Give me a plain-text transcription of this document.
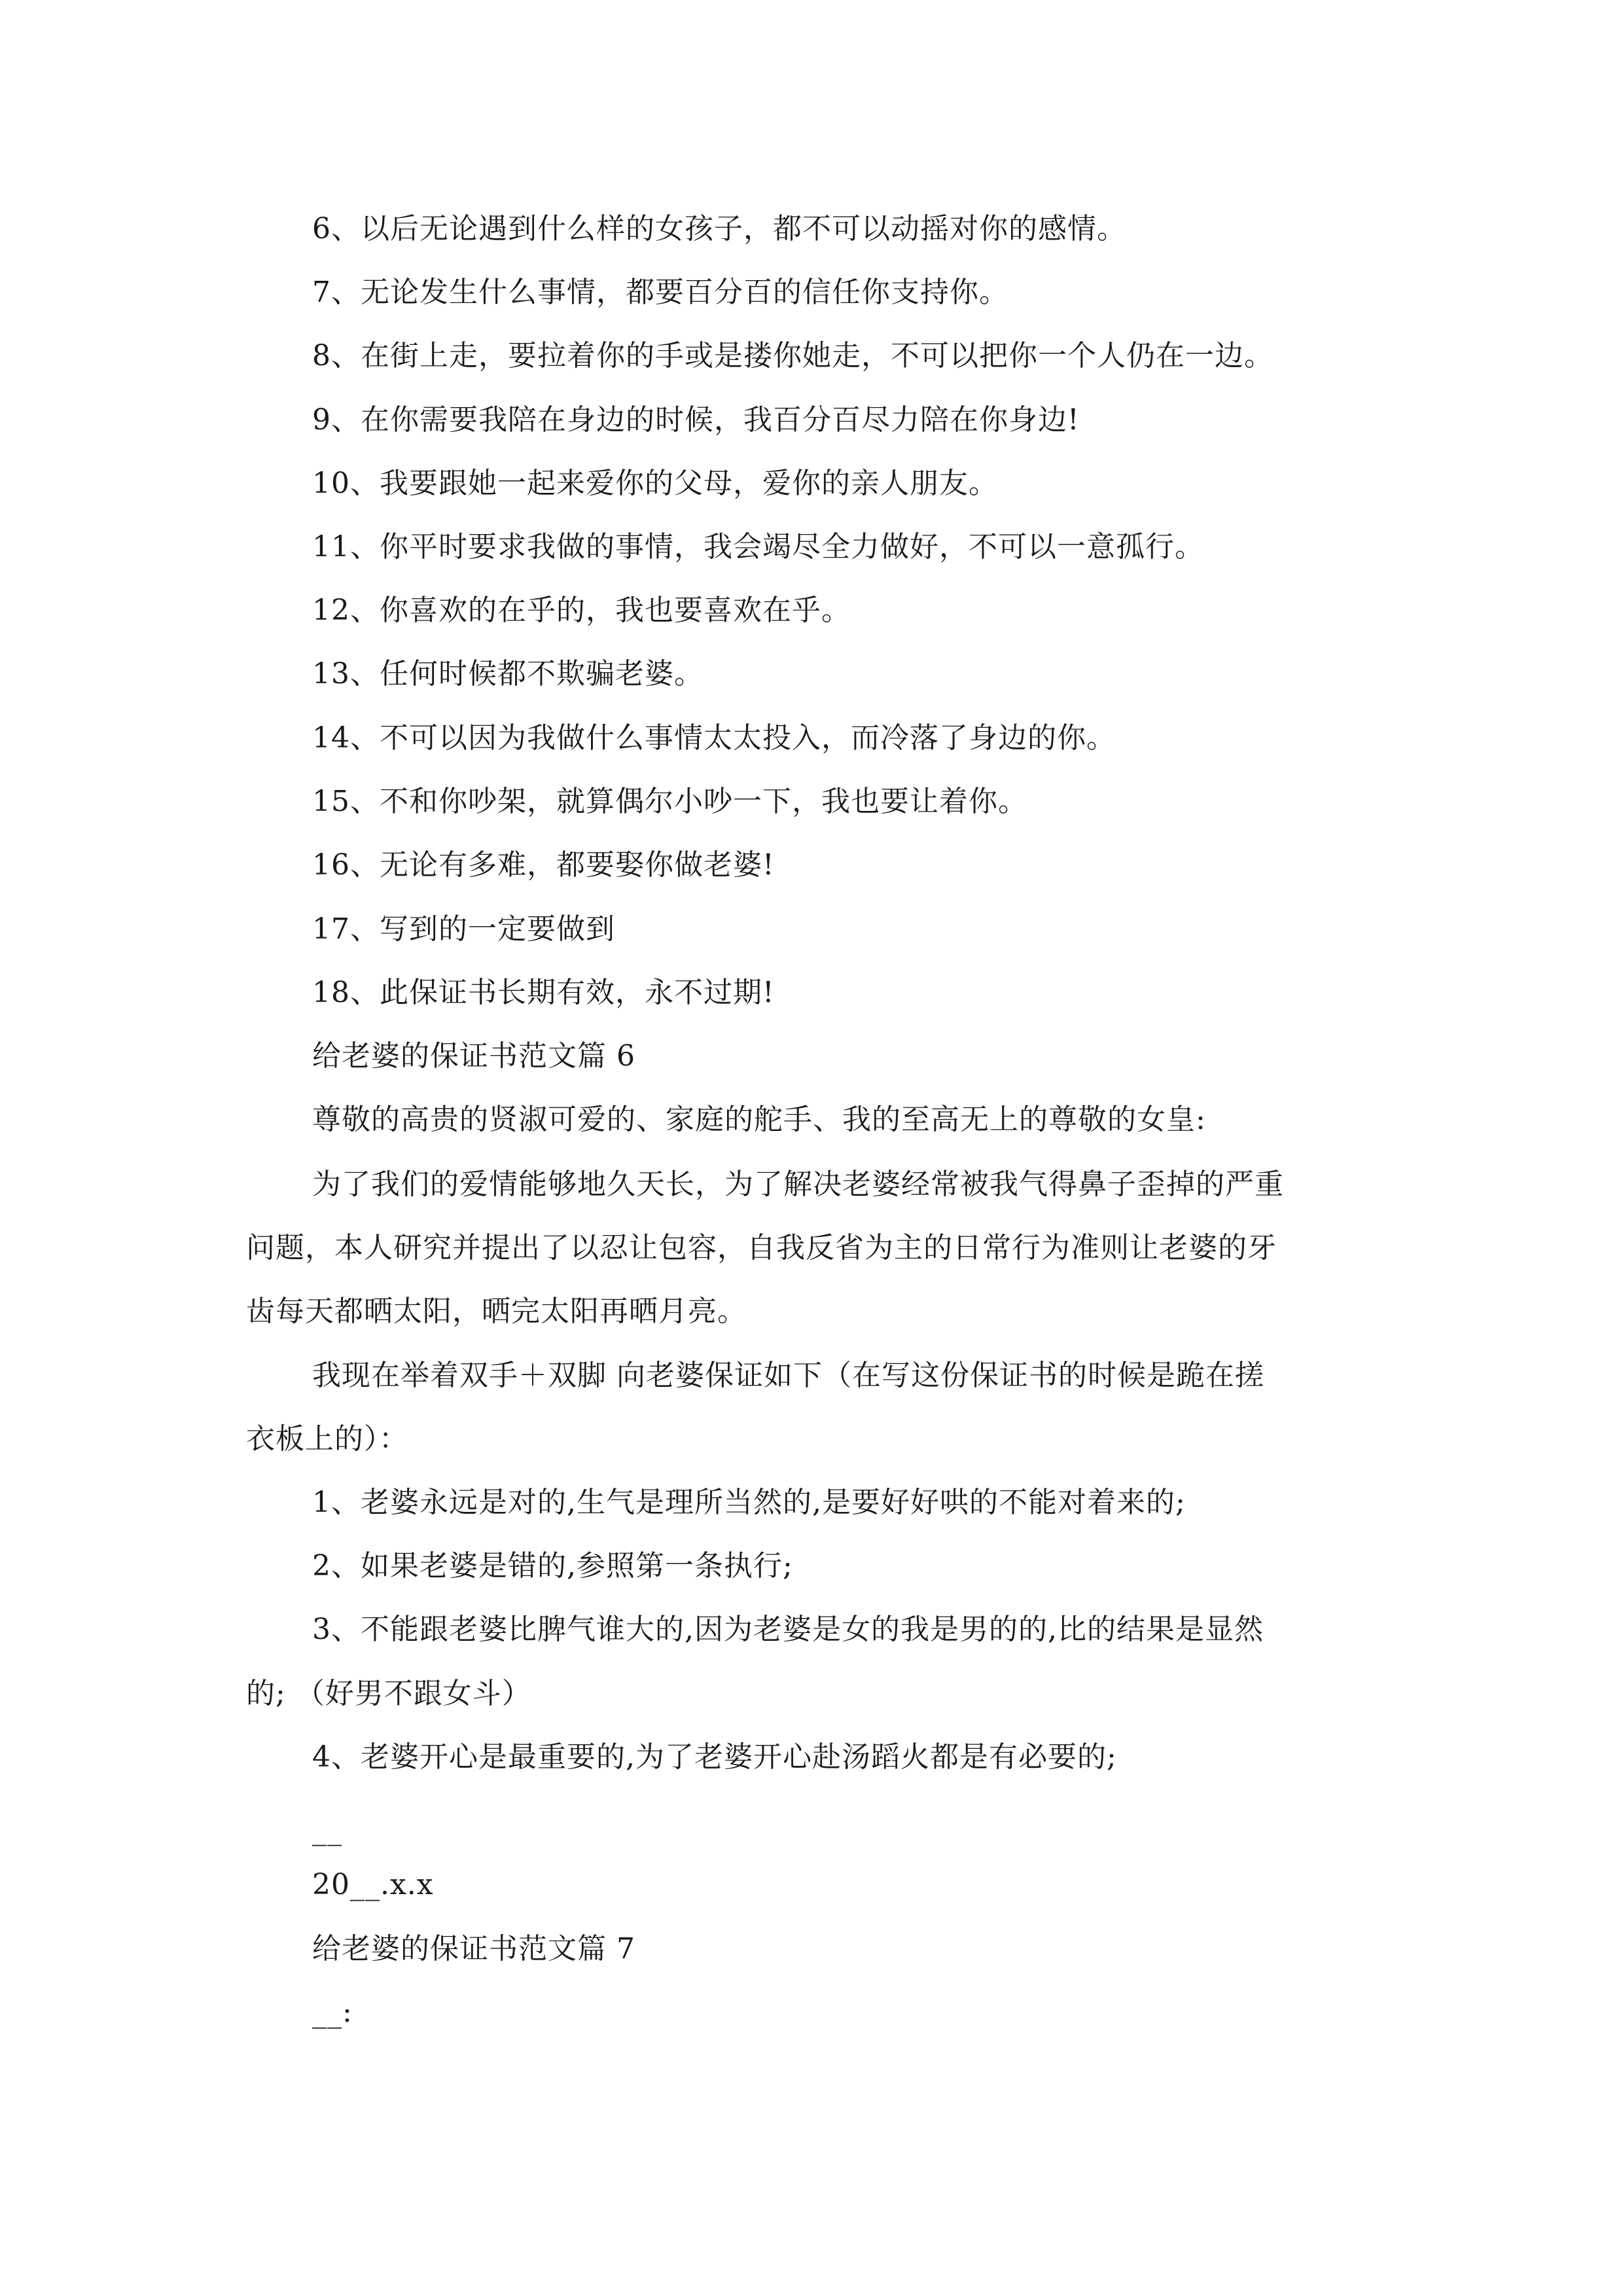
6、以后无论遇到什么样的女孩子，都不可以动摇对你的感情。
7、无论发生什么事情，都要百分百的信任你支持你。
8、在街上走，要拉着你的手或是搂你她走，不可以把你一个人仍在一边。
9、在你需要我陪在身边的时候，我百分百尽力陪在你身边!
10、我要跟她一起来爱你的父母，爱你的亲人朋友。
11、你平时要求我做的事情，我会竭尽全力做好，不可以一意孤行。
12、你喜欢的在乎的，我也要喜欢在乎。
13、任何时候都不欺骗老婆。
14、不可以因为我做什么事情太太投入，而冷落了身边的你。
15、不和你吵架，就算偶尔小吵一下，我也要让着你。
16、无论有多难，都要娶你做老婆!
17、写到的一定要做到
18、此保证书长期有效，永不过期!
给老婆的保证书范文篇 6
尊敬的高贵的贤淑可爱的、家庭的舵手、我的至高无上的尊敬的女皇:
为了我们的爱情能够地久天长，为了解决老婆经常被我气得鼻子歪掉的严重
问题，本人研究并提出了以忍让包容，自我反省为主的日常行为准则让老婆的牙
齿每天都晒太阳，晒完太阳再晒月亮。
我现在举着双手＋双脚 向老婆保证如下（在写这份保证书的时候是跪在搓
衣板上的）：
1、老婆永远是对的,生气是理所当然的,是要好好哄的不能对着来的;
2、如果老婆是错的,参照第一条执行;
3、不能跟老婆比脾气谁大的,因为老婆是女的我是男的的,比的结果是显然
的; （好男不跟女斗）
4、老婆开心是最重要的,为了老婆开心赴汤蹈火都是有必要的;
__
20__.x.x
给老婆的保证书范文篇 7
__:
